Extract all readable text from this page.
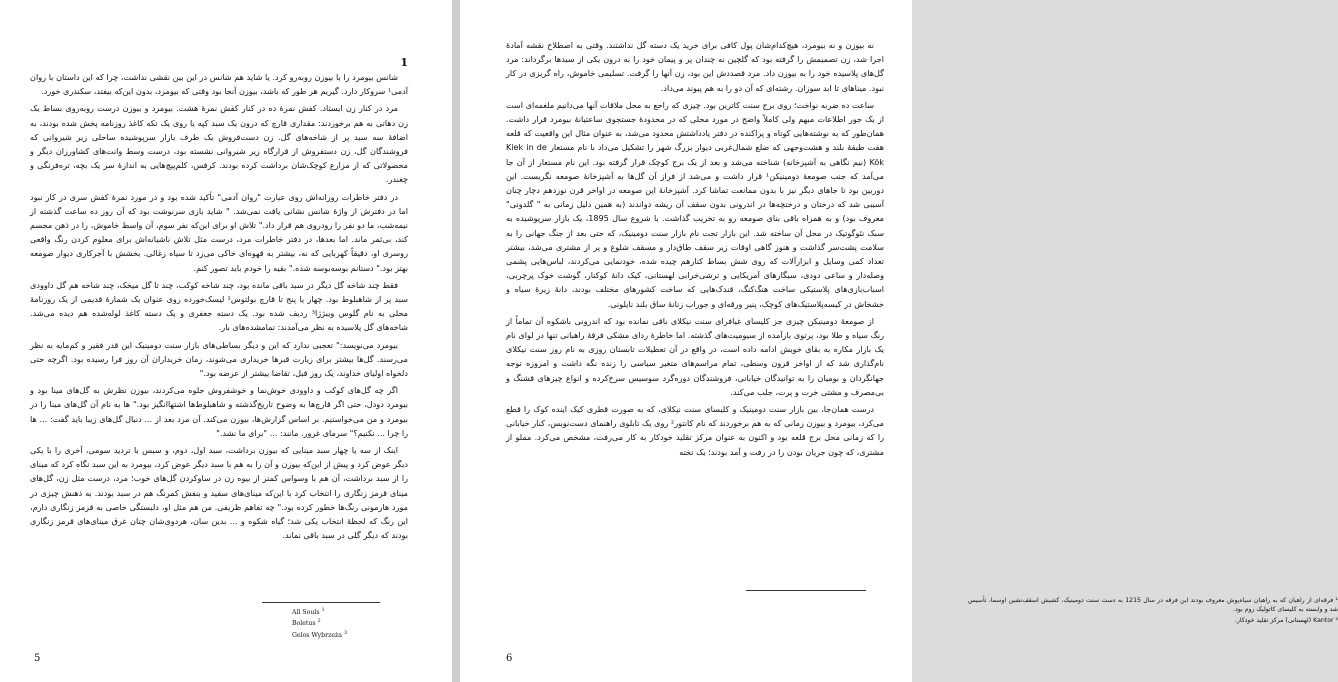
1

شانس بیومرد را با بیوزن روبه‌رو کرد. یا شاید هم شانس در این بین نقشی نداشت، چرا که این داستان با روان آدمی¹ سروکار دارد. گیریم هر طور که باشد، بیوزن آنجا بود وقتی که بیومرد، بدون این‌که بیفتد، سکندری خورد.

مرد در کنار زن ایستاد. کفش نمرهٔ ده در کنار کفش نمرهٔ هشت. بیومرد و بیوزن درست روبه‌روی بساط یک زن دهاتی به هم برخوردند: مقداری قارچ که درون یک سبد کپه یا روی یک تکه کاغذ روزنامه پخش شده بودند، به اضافهٔ سه سبد پر از شاخه‌های گل. زن دست‌فروش یک طرف بازار سرپوشیده ساحلی زیر شیروانی که فروشندگان گل، زن دستفروش از قرارگاه زیر شیروانی نشسته بود، درست وسط وانت‌های کشاورزان دیگر و محصولاتی که از مزارع کوچک‌شان برداشت کرده بودند. کرفس، کلم‌پیچ‌هایی به اندازهٔ سر یک بچه، تره‌فرنگی و چغندر.

در دفتر خاطرات روزانه‌اش روی عبارت "روان آدمی" تأکید شده بود و در مورد نمرهٔ کفش سری در کار نبود اما در دفترش از واژهٔ شانس نشانی یافت نمی‌شد. " شاید بازی سرنوشت بود که آن روز ده ساعت گذشته از نیمه‌شب، ما دو نفر را رودروی هم قرار داد." تلاش او برای این‌که نفر سوم، آن واسط خاموش، را در ذهن مجسم کند، بی‌ثمر ماند. اما بعدها، در دفتر خاطرات مرد، درست مثل تلاش ناشیانه‌اش برای معلوم کردن رنگ واقعی روسری او، دقیقاً کهربایی که نه، بیشتر به قهوه‌ای خاکی می‌زد تا سیاه زغالی. بخشش با آجرکاری دیوار صومعه بهتر بود." دستانم بوسه‌بوسه شده." بقیه را خودم باید تصور کنم.

فقط چند شاخه گل دیگر در سبد باقی مانده بود، چند شاخه کوکب، چند تا گل میخک، چند شاخه هم گل داوودی سبد پر از شاهبلوط بود. چهار یا پنج تا قارچ بولتوس² لیسک‌خورده روی عنوان یک شمارهٔ قدیمی از یک روزنامهٔ محلی به نام گلوس ویبژژا³ ردیف شده بود. یک دسته جعفری و یک دسته کاغذ لوله‌شده هم دیده می‌شد. شاخه‌های گل پلاسیده به نظر می‌آمدند: تمامشده‌های بار.

بیومرد می‌نویسد:" تعجبی ندارد که این و دیگر بساطی‌های بازار سنت دومینیک این قدر فقیر و کم‌مایه به نظر می‌رسند. گل‌ها بیشتر برای زیارت قبرها خریداری می‌شوند، زمان خریداران آن روز فرا رسیده بود. اگرچه حتی دلخواه اولیای خداوند، یک روز قبل، تقاضا بیشتر از عرضه بود."

اگر چه گل‌های کوکب و داوودی خوش‌نما و خوشفروش جلوه می‌کردند، بیوزن نظرش به گل‌های مینا بود و بیومرد دودل، حتی اگر قارچ‌ها به وضوح تاریخ‌گذشته و شاهبلوط‌ها اشتهاانگیز بود." ها به نام آن گل‌های مینا را در بیومرد و من می‌خواستیم. بر اساس گزارش‌ها، بیوزن می‌کند. آن مرد بعد از ... دنبال گل‌های زیبا باید گفت: ... ها را چرا ... نکنیم؟" سرمای غرور. مانند: ... "برای ما نشد."

اینک از سه یا چهار سبد مینایی که بیوزن برداشت، سبد اول، دوم، و سبس با تردید سومی، آخری را با یکی دیگر عوض کرد و پیش از این‌که بیوزن و آن را به هم با سبد دیگر عوض کرد، بیومرد به این سبد نگاه کرد که مینای را از سبد برداشت، آن هم با وسواس کمتر از بیوه زن در ساوکردن گل‌های خوب؛ مرد، درست مثل زن، گل‌های مینای قرمز زنگاری را انتخاب کرد با این‌که مینای‌های سفید و بنفش کمرنگ هم در سبد بودند. به ذهنش چیزی در مورد هارمونی رنگ‌ها خطور کرده بود." چه تفاهم ظریفی. من هم مثل او، دلبستگی خاصی به قرمز زنگاری دارم، این رنگ که لحظهٔ انتخاب یکی شد؛ گیاه شکوه و ... بدین سان، هردوی‌شان چنان غرق مینای‌های قرمز زنگاری بودند که دیگر گلی در سبد باقی نماند.

All Souls $^1$
Boletus $^2$
Gelos Wybrzeża $^3$
5

نه بیوزن و نه بیومرد، هیچ‌کدام‌شان پول کافی برای خرید یک دسته گل نداشتند. وقتی به اصطلاح نقشه آمادهٔ اجرا شد، زن تصمیمش را گرفته بود که گلچین نه چندان پر و پیمان خود را به درون یکی از سبدها برگرداند: مرد گل‌های پلاسیده خود را به بیوزن داد. مرد قصددش این بود، زن آنها را گرفت. تسلیمی خاموش، راه گریزی در کار نبود. میناهای تا ابد سوزان. رشته‌ای که آن دو را به هم پیوند می‌داد.

ساعت ده ضربه نواخت؛ روی برج سنت کاترین بود. چیزی که راجع به محل ملاقات آنها می‌دانیم ملغمه‌ای است از یک جور اطلاعات مبهم ولی کاملاً واضح در مورد محلی که در محدودهٔ جستجوی ساعتیانهٔ بیومرد قرار داشت. همان‌طور که به نوشته‌هایی کوتاه و پراکنده در دفتر یادداشتش محدود می‌شد، به عنوان مثال این واقعیت که قلعه هفت طبقهٔ بلند و هشت‌وجهی که ضلع شمال‌غربی دیوار بزرگ شهر را تشکیل می‌داد با نام مستعار Kiek in de Kök (نیم نگاهی به آشپزخانه) شناخته می‌شد و بعد از یک برج کوچک قرار گرفته بود. این نام مستعار از آن جا می‌آمد که جنب صومعهٔ دومینیکن¹ قرار داشت و می‌شد از فراز آن گل‌ها به آشپزخانهٔ صومعه نگریست. این دوربین بود تا جاهای دیگر نیز با بدون ممانعت تماشا کرد. آشپزخانهٔ این صومعه در اواخر قرن نوزدهم دچار چنان آسیبی شد که درختان و درختچه‌ها در اندرونی بدون سقف آن ریشه دواندند (به همین دلیل زمانی به " گلدونی" معروف بود) و به همراه باقی بنای صومعه رو به تخریب گذاشت. با شروع سال 1895، یک بازار سرپوشیده به سبک نئوگوتیک در محل آن ساخته شد. این بازار تحت نام بازار سنت دومینیک، که حتی بعد از جنگ جهانی را به سلامت پشت‌سر گذاشت و هنوز گاهی اوقات زیر سقف طاق‌دار و مسقف شلوغ و پر از مشتری می‌شد، بیشتر تعداد کمی وسایل و ابزارآلات که روی شش بساط کنارهم چیده شده، خودنمایی می‌کردند، لباس‌هایی پشمی وصله‌دار و ساعی دودی، سیگارهای آمریکایی و ترشی‌خرابی لهستانی، کیک دانهٔ کوکنار، گوشت خوک پرچربی، اسباب‌بازی‌های پلاستیکی ساخت هنگ‌کنگ، قندک‌هایی که ساخت کشورهای مختلف بودند، دانهٔ زیرهٔ سیاه و خشخاش در کیسه‌پلاستیک‌های کوچک، پنیر ورقه‌ای و جوراب زنانهٔ ساق بلند نایلونی.

از صومعهٔ دومینیکن چیزی جز کلیسای غیافرای سنت نیکلای باقی نمانده بود که اندرونی باشکوه آن تماماً از رنگ سیاه و طلا بود، پرتوی بازآمده از سیومیت‌های گذشته. اما خاطرهٔ ردای مشکی فرقهٔ راهبانی تنها در لوای نام یک بازار مکاره به بقای خویش ادامه داده است، در واقع در آن تعطیلات تابستان روزی به نام روز سنت نیکلای نام‌گذاری شد که از اواخر قرون وسطی، تمام مراسم‌های متغیر سیاسی را زنده نگه داشت و امروزه توجه جهانگردان و بومیان را به توانیدگان خیابانی، فروشندگان دوره‌گرد سوسیس سرخ‌کرده و انواع چیزهای قشنگ و بی‌مصرف و مشتی خرت و پرت، جلب می‌کند.

درست همان‌جا، بین بازار سنت دومینیک و کلیسای سنت نیکلای، که به صورت قطری کیک اینده کوک را قطع می‌کرد، بیومرد و بیوزن زمانی که به هم برخوردند که نام کانتور² روی یک تابلوی راهنمای دست‌نویس، کنار خیابانی را که زمانی محل برج قلعه بود و اکنون به عنوان مرکز تقلید خودکار به کار می‌رفت، مشخص می‌کرد. مملو از مشتری، که چون جریان بودن را در رفت و آمد بودند؛ یک تخته

¹ فرقه‌ای از راهبان که به راهبان سیاه‌پوش معروف بودند این فرقه در سال 1215 به دست سنت دومینیک، کشیش اسقف‌نشین اوسما، تأسیس شد و وابسته به کلیسای کاتولیک روم بود.
² Kantor (لهستانی) مرکز تقلید خودکار.
6
